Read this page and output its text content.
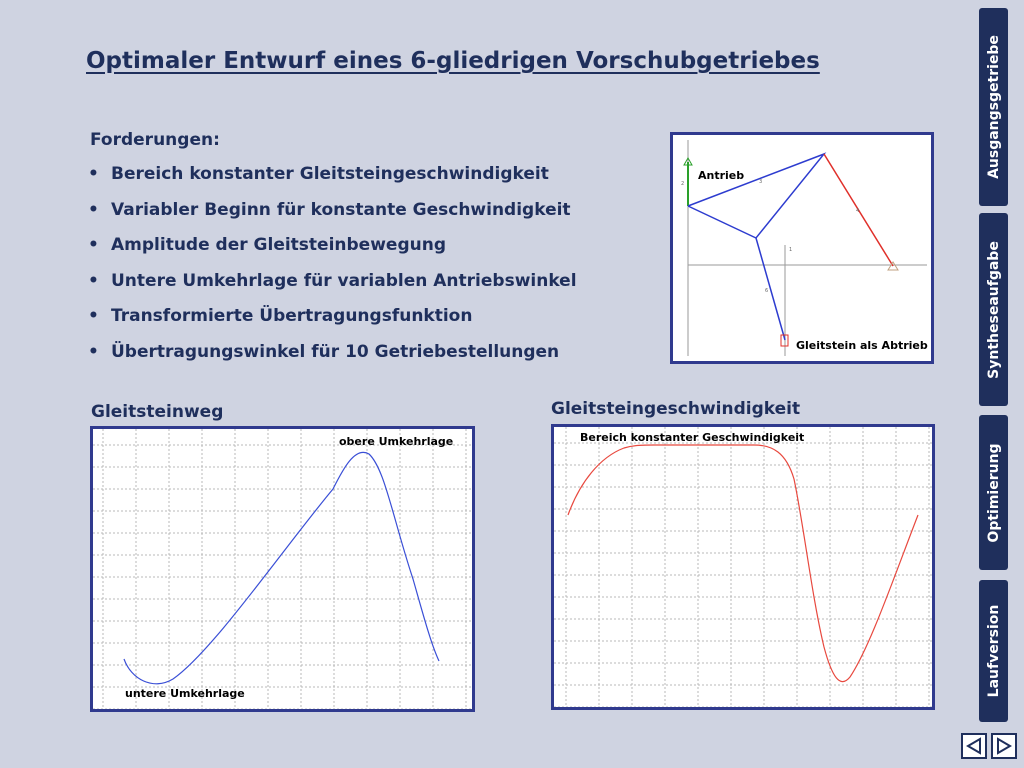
Optimaler Entwurf eines 6-gliedrigen Vorschubgetriebes
Forderungen:
• Bereich konstanter Gleitsteingeschwindigkeit
• Variabler Beginn für konstante Geschwindigkeit
• Amplitude der Gleitsteinbewegung
• Untere Umkehrlage für variablen Antriebswinkel
• Transformierte Übertragungsfunktion
• Übertragungswinkel für 10 Getriebestellungen
3
4
6
2
1
Antrieb
Gleitstein als Abtrieb
Gleitsteinweg
obere Umkehrlage
untere Umkehrlage
Gleitsteingeschwindigkeit
Bereich konstanter Geschwindigkeit
Ausgangsgetriebe
Syntheseaufgabe
Optimierung
Laufversion
